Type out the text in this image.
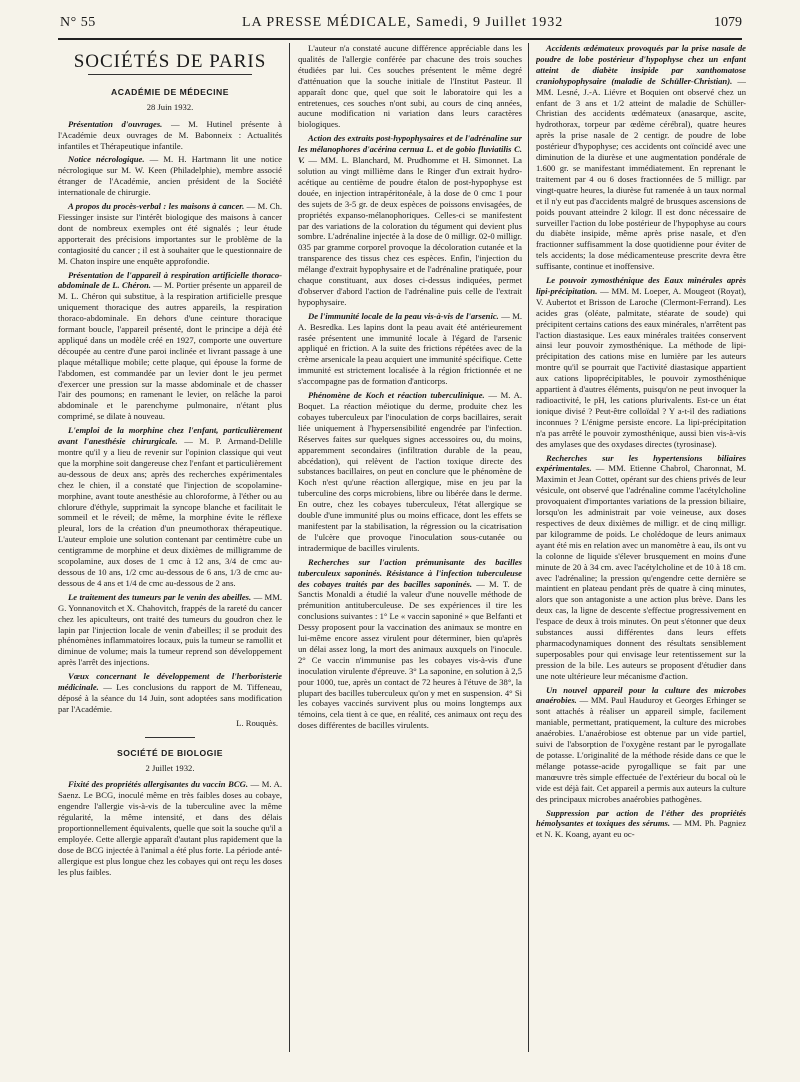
N° 55	LA PRESSE MÉDICALE, Samedi, 9 Juillet 1932	1079
SOCIÉTÉS DE PARIS
ACADÉMIE DE MÉDECINE
28 Juin 1932.

Présentation d'ouvrages. — M. Hutinel présente à l'Académie deux ouvrages de M. Babonneix : Actualités infantiles et Thérapeutique infantile.

Notice nécrologique. — M. H. Hartmann lit une notice nécrologique sur M. W. Keen (Philadelphie), membre associé étranger de l'Académie, ancien président de la Société internationale de chirurgie.

A propos du procès-verbal : les maisons à cancer. — M. Ch. Fiessinger insiste sur l'intérêt biologique des maisons à cancer dont de nombreux exemples ont été signalés ; leur étude apporterait des précisions importantes sur le problème de la contagiosité du cancer ; il est à souhaiter que le questionnaire de M. Chaton inspire une enquête approfondie.

Présentation de l'appareil à respiration artificielle thoraco-abdominale de L. Chéron. — M. Portier présente un appareil de M. L. Chéron qui substitue, à la respiration artificielle presque uniquement thoracique des autres appareils, la respiration thoraco-abdominale. En dehors d'une ceinture thoracique formant boucle, l'appareil présenté, dont le principe a déjà été appliqué dans un modèle créé en 1927, comporte une ouverture découpée au centre d'une paroi inclinée et livrant passage à une plaque métallique mobile; cette plaque, qui épouse la forme de l'abdomen, est commandée par un levier dont le jeu permet d'exercer une pression sur la masse abdominale et de chasser l'air des poumons; en ramenant le levier, on relâche la paroi abdominale et le parenchyme pulmonaire, n'étant plus comprimé, se dilate à nouveau.

L'emploi de la morphine chez l'enfant, particulièrement avant l'anesthésie chirurgicale. — M. P. Armand-Delille montre qu'il y a lieu de revenir sur l'opinion classique qui veut que la morphine soit dangereuse chez l'enfant et particulièrement au-dessous de deux ans; après des recherches expérimentales chez le chien, il a constaté que l'injection de scopolamine-morphine, avant toute anesthésie au chloroforme, à l'éther ou au chlorure d'éthyle, supprimait la syncope blanche et facilitait le sommeil et le réveil; de même, la morphine évite le réflexe pleural, lors de la création d'un pneumothorax thérapeutique. L'auteur emploie une solution contenant par centimètre cube un centigramme de morphine et deux dixièmes de milligramme de scopolamine, aux doses de 1 cmc à 12 ans, 3/4 de cmc au-dessous de 10 ans, 1/2 cmc au-dessous de 6 ans, 1/3 de cmc au-dessous de 4 ans et 1/4 de cmc au-dessous de 2 ans.

Le traitement des tumeurs par le venin des abeilles. — MM. G. Yonnanovitch et X. Chahovitch, frappés de la rareté du cancer chez les apiculteurs, ont traité des tumeurs du goudron chez le lapin par l'injection locale de venin d'abeilles; il se produit des phénomènes inflammatoires locaux, puis la tumeur se ramollit et diminue de volume; mais la tumeur reprend son développement après l'arrêt des injections.

Vœux concernant le développement de l'herboristerie médicinale. — Les conclusions du rapport de M. Tiffeneau, déposé à la séance du 14 Juin, sont adoptées sans modification par l'Académie.

L. Rouquès.

SOCIÉTÉ DE BIOLOGIE
2 Juillet 1932.

Fixité des propriétés allergisantes du vaccin BCG. — M. A. Saenz. Le BCG, inoculé même en très faibles doses au cobaye, engendre l'allergie vis-à-vis de la tuberculine avec la même régularité, la même intensité, et dans des délais proportionnellement équivalents, quelle que soit la souche qu'il a employée. Cette allergie apparaît d'autant plus rapidement que la dose de BCG injectée à l'animal a été plus forte. La période anté-allergique est plus longue chez les cobayes qui ont reçu les doses les plus faibles.

L'auteur n'a constaté aucune différence appréciable dans les qualités de l'allergie conférée par chacune des trois souches étudiées par lui. Ces souches présentent le même degré d'atténuation que la souche initiale de l'Institut Pasteur. Il apparaît donc que, quel que soit le laboratoire qui les a entretenues, ces souches n'ont subi, au cours de cinq années, aucune modification ni variation dans leurs caractères biologiques.

Action des extraits post-hypophysaires et de l'adrénaline sur les mélanophores d'acérina cernua L. et de gobio fluviatilis C. V. — MM. L. Blanchard, M. Prudhomme et H. Simonnet. La solution au vingt millième dans le Ringer d'un extrait hydro-acétique au centième de poudre étalon de post-hypophyse est douée, en injection intrapéritonéale, à la dose de 0 cmc 1 pour des sujets de 3-5 gr. de deux espèces de poissons envisagées, de propriétés expanso-mélanophoriques. Celles-ci se manifestent par des variations de la coloration du tégument qui devient plus sombre. L'adrénaline injectée à la dose de 0 milligr. 02-0 milligr. 035 par gramme corporel provoque la décoloration cutanée et la transparence des tissus chez ces espèces. Enfin, l'injection du mélange d'extrait hypophysaire et de l'adrénaline pratiquée, pour chaque constituant, aux doses ci-dessus indiquées, permet d'observer d'abord l'action de l'adrénaline puis celle de l'extrait hypophysaire.

De l'immunité locale de la peau vis-à-vis de l'arsenic. — M. A. Besredka. Les lapins dont la peau avait été antérieurement rasée présentent une immunité locale à l'égard de l'arsenic appliqué en friction. A la suite des frictions répétées avec de la crème arsenicale la peau acquiert une immunité spécifique. Cette immunité est strictement localisée à la région frictionnée et ne s'accompagne pas de formation d'anticorps.

Phénomène de Koch et réaction tuberculinique. — M. A. Boquet. La réaction méiotique du derme, produite chez les cobayes tuberculeux par l'inoculation de corps bacillaires, serait liée uniquement à l'hypersensibilité engendrée par l'infection. Réserves faites sur quelques signes accessoires ou, du moins, apparemment secondaires (infiltration durable de la peau, abcédation), qui relèvent de l'action toxique directe des substances bacillaires, on peut en conclure que le phénomène de Koch n'est qu'une réaction allergique, mise en jeu par la tuberculine des corps microbiens, libre ou libérée dans le derme. En outre, chez les cobayes tuberculeux, l'état allergique se double d'une immunité plus ou moins efficace, dont les effets se manifestent par la stabilisation, la régression ou la cicatrisation de l'ulcère que provoque l'inoculation sous-cutanée ou intradermique de bacilles virulents.

Recherches sur l'action prémunisante des bacilles tuberculeux saponinés. Résistance à l'infection tuberculeuse des cobayes traités par des bacilles saponinés. — M. T. de Sanctis Monaldi a étudié la valeur d'une nouvelle méthode de prémunition antituberculeuse. De ses expériences il tire les conclusions suivantes : 1° Le « vaccin saponiné » que Belfanti et Dessy proposent pour la vaccination des animaux se montre en lui-même encore assez virulent pour déterminer, bien qu'après un délai assez long, la mort des animaux auxquels on l'inocule. 2° Ce vaccin n'immunise pas les cobayes vis-à-vis d'une inoculation virulente d'épreuve. 3° La saponine, en solution à 2,5 pour 1000, tue, après un contact de 72 heures à l'étuve de 38°, la plupart des bacilles tuberculeux qu'on y met en suspension. 4° Si les cobayes vaccinés survivent plus ou moins longtemps aux témoins, cela tient à ce que, en réalité, ces animaux ont reçu des doses différentes de bacilles virulents.

Accidents œdémateux provoqués par la prise nasale de poudre de lobe postérieur d'hypophyse chez un enfant atteint de diabète insipide par xanthomatose craniohypophysaire (maladie de Schüller-Christian). — MM. Lesné, J.-A. Liévre et Boquien ont observé chez un enfant de 3 ans et 1/2 atteint de maladie de Schüller-Christian des accidents œdémateux (anasarque, ascite, hydrothorax, torpeur par œdème cérébral), quatre heures après la prise nasale de 2 centigr. de poudre de lobe postérieur d'hypophyse; ces accidents ont coïncidé avec une diminution de la diurèse et une augmentation pondérale de 1.600 gr. se manifestant immédiatement. En reprenant le traitement par 4 ou 6 doses fractionnées de 5 milligr. par vingt-quatre heures, la diurèse fut ramenée à un taux normal et il n'y eut pas d'accidents malgré de brusques ascensions de poids pouvant atteindre 2 kilogr. Il est donc nécessaire de surveiller l'action du lobe postérieur de l'hypophyse au cours du diabète insipide, même après prise nasale, et d'en fractionner suffisamment la dose quotidienne pour éviter de tels accidents; la dose médicamenteuse prescrite devra être suffisante, continue et inoffensive.

Le pouvoir zymosthénique des Eaux minérales après lipi-précipitation. — MM. M. Loeper, A. Mougeot (Royat), V. Aubertot et Brisson de Laroche (Clermont-Ferrand). Les acides gras (oléate, palmitate, stéarate de soude) qui précipitent certains cations des eaux minérales, n'arrêtent pas l'action diastasique. Les eaux minérales traitées conservent ainsi leur pouvoir zymosthénique. La méthode de lipi-précipitation des cations mise en lumière par les auteurs montre qu'il se pourrait que l'activité diastasique appartient aux cations lipoprécipitables, le pouvoir zymosthénique appartient à d'autres éléments, puisqu'on ne peut invoquer la radioactivité, le pH, les cations plurivalents. Est-ce un état ionique divisé ? Peut-être colloïdal ? Y a-t-il des radiations inconnues ? L'énigme persiste encore. La lipi-précipitation n'a pas arrêté le pouvoir zymosthénique, aussi bien vis-à-vis des amylases que des oxydases directes (tyrosinase).

Recherches sur les hypertensions biliaires expérimentales. — MM. Etienne Chabrol, Charonnat, M. Maximin et Jean Cottet, opérant sur des chiens privés de leur vésicule, ont observé que l'adrénaline comme l'acétylcholine provoquaient d'importantes variations de la pression biliaire, lorsqu'on les administrait par voie veineuse, aux doses respectives de deux dixièmes de milligr. et de cinq milligr. par kilogramme de poids. Le cholédoque de leurs animaux ayant été mis en relation avec un manomètre à eau, ils ont vu la colonne de liquide s'élever brusquement en moins d'une minute de 20 à 34 cm. avec l'acétylcholine et de 10 à 18 cm. avec l'adrénaline; la pression qu'engendre cette dernière se maintient en plateau pendant près de quatre à cinq minutes, alors que son antagoniste a une action plus brève. Dans les deux cas, la ligne de descente s'effectue progressivement en l'espace de deux à trois minutes. On peut s'étonner que deux substances aussi différentes dans leurs effets pharmacodynamiques donnent des résultats sensiblement superposables pour qui envisage leur retentissement sur la pression de la bile. Les auteurs se proposent d'étudier dans une note ultérieure leur mécanisme d'action.

Un nouvel appareil pour la culture des microbes anaérobies. — MM. Paul Hauduroy et Georges Erhinger se sont attachés à réaliser un appareil simple, facilement maniable, permettant, pratiquement, la culture des microbes anaérobies. L'anaérobiose est obtenue par un vide partiel, suivi de l'absorption de l'oxygène restant par le pyrogallate de potasse. L'originalité de la méthode réside dans ce que le mélange potasse-acide pyrogallique se fait par une manœuvre très simple effectuée de l'extérieur du bocal où le vide est déjà fait. Cet appareil a permis aux auteurs la culture des principaux microbes anaérobies pathogènes.

Suppression par action de l'éther des propriétés hémolysantes et toxiques des sérums. — MM. Ph. Pagniez et N. K. Koang, ayant eu oc-
